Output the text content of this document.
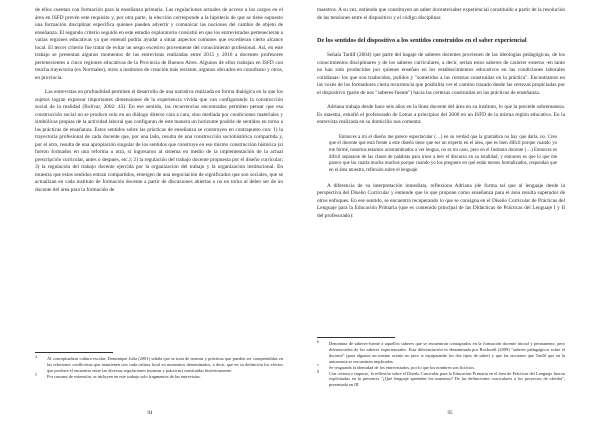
de ellos cuentan con formación para la enseñanza primaria. Las regulaciones actuales de acceso a los cargos en el área en ISFD prevén este requisito y, por otra parte, la elección corresponde a la hipótesis de que se tiene supuesto una formación disciplinar especifica quienes pueden advertir y comunicar las nociones del cambio de objeto de enseñanza. El segundo criterio seguido en este estudio exploratorio consistió en que los entrevistados pertenecieran a varias regiones educativas ya que entendí podría ayudar a situar aspectos comunes que excedieran cierto alcance local. El tercer criterio fue tratar de evitar un sesgo excesivo proveniente del conocimiento profesional. Así, en este trabajo se presentan algunos momentos de las entrevistas realizadas entre 2015 y 2016 a docentes profesores pertenecientes a cinco regiones educativas de la Provincia de Buenos Aires. Algunos de ellos trabajan en ISFD con mucha trayectoria (ex Normales), otros a institutos de creación más reciente, algunos ubicados en conurbano y otros, en provincia.

Las entrevistas en profundidad permiten el desarrollo de una narrativa realizada en forma dialógica en la que los sujetos logran expresar importantes dimensiones de la experiencia vivida que van configurando la construcción social de la realidad (Bolívar, 2002: 43). En ese sentido, las recurrencias encontradas permiten pensar que esa construcción social no se produce solo en un diálogo directo cara a cara, sino mediada por condiciones materiales y simbólicas propias de la actividad laboral que configuran de este manera un horizonte posible de sentidos en torno a las prácticas de enseñanza. Estos sentidos sobre las prácticas de enseñanza se construyen en contrapunto con: 1) la trayectoria profesional de cada docente que, por una lado, resulta de una construcción sociohistórica compartida y, por el otro, resulta de una apropiación singular de los sentidos que construye en ese mismo construcción histórica (sí fueron formados en una reforma u otra, si ingresaron al sistema en medio de la implementación de la actual prescripción curricular, antes o después, etc.); 2) la regulación del trabajo docente propuesta por el diseño curricular; 3) la regulación del trabajo docente ejercida por la organización del trabajo y la organización institucional. En muestra que estos sentidos entran compartidos, emergen de una negociación de significados que son sociales, que se actualizan en cada instituto de formación docente a partir de discusiones abiertas o no en torno al deber ser de un docente del área para la formación de

4 Al conceptualizar cultura escolar, Dominique Julia (2001) señala que se trata de normas y prácticas que pueden ser comprendidas en las relaciones conflictivas que mantienen con cada cultura local en momentos determinados, a decir, que en su definición los efectos que produce el encuentro entre las diversas regulaciones (normas y prácticas) construidas históricamente.

5 Por razones de extensión, se incluyen en este trabajo solo fragmentos de las entrevistas.

94

maestros. A su vez, entiendo que constituyen un saber docente/saber experiencial constituido a partir de la resolución de las tensiones entre el dispositivo y el código disciplinar.

De los sentidos del dispositivo a los sentidos construidos en el saber experiencial

Señala Tardif (2004) que parte del bagaje de saberes docentes provienen de las ideologías pedagógicas, de los conocimientos disciplinares y de los saberes curriculares, a decir, serían estos saberes de carácter externo -en tanto no han sido producidos por quienes enseñan en los establecimientos educativos en las condiciones laborales cotidianas- los que son traducidos, pulidos y "sometidos a las certezas construidas en la práctica". Encontramos en las voces de los formadores cierta recurrencia que posibilita ver el camino trazado desde las certezas propiciadas por el dispositivo (parte de nos "saberes-fuente") hacia las certezas construidas en las prácticas de enseñanza.

Adriana trabaja desde hace seis años en la línea docente del área en su instituto, lo que la precede sobremanera. Es maestra, estudió el profesorado de Letras a principios del 2000 en un ISFD de la misma región educativa. En la entrevista realizada en su domicilio nos comenta:

Entonces a mí el diseño me parece espectacular (…) en su verdad que la gramática no hay que darla, no. Creo que el docente que está frente a este diseño tiene que ser un experto en el área, que es bien difícil porque cuando yo me formé, nosotros estamos acostumbrados a ver lengua, no es mi caso, pero en el Instituto docente (…) Entonces es difícil separarse de las clases de palabras para irnos a leer el discurso en su totalidad, y entonces es que lo que me parece que las cuarta mucha muchos porque cuando yo los pregunto en qué están menos formalizados, respondan que en el área muestra, reflexión sobre el lenguaje.

A diferencia de su interpretación inmediata, reflexiona Adriana (de forma tal que al lenguaje desde la perspectiva del Diseño Curricular y entiende que lo que propone como enseñanza para el área resulta superador de otros enfoques. En ese sentido, se encuentra recuperando lo que se consigna en el Diseño Curricular de Prácticas del Lenguaje para la Educación Primaria (que es contenido principal de las Didácticas de Prácticas del Lenguaje I y II del profesorado):

6 Denomina de saberes-fuente a aquellos saberes que se encuentran consagrados en la formación docente inicial y permanente, pero diferenciados de los saberes experienciales. Esta diferenciación es denominada por Rockwell (2009) "saberes pedagógicos sobre el docente" (para algunos un mismo acento no pero sí equiparando los dos tipos de saber) y que las nociones que Tardif que en la autonomía se encuentran implicadas.

7 Se resguarda la identidad de los entrevistados, por lo que los nombres son ficticios.

8 Con certeza e impacto, la reflexión sobre el Diseño Curricular para la Educación Primaria en el área de Prácticas del Lenguaje fueron explicitadas en la presencia "¿Qué lenguaje aprenden los maestros? De las definiciones curriculares a los proyectos de cátedra", presentada en III

95
